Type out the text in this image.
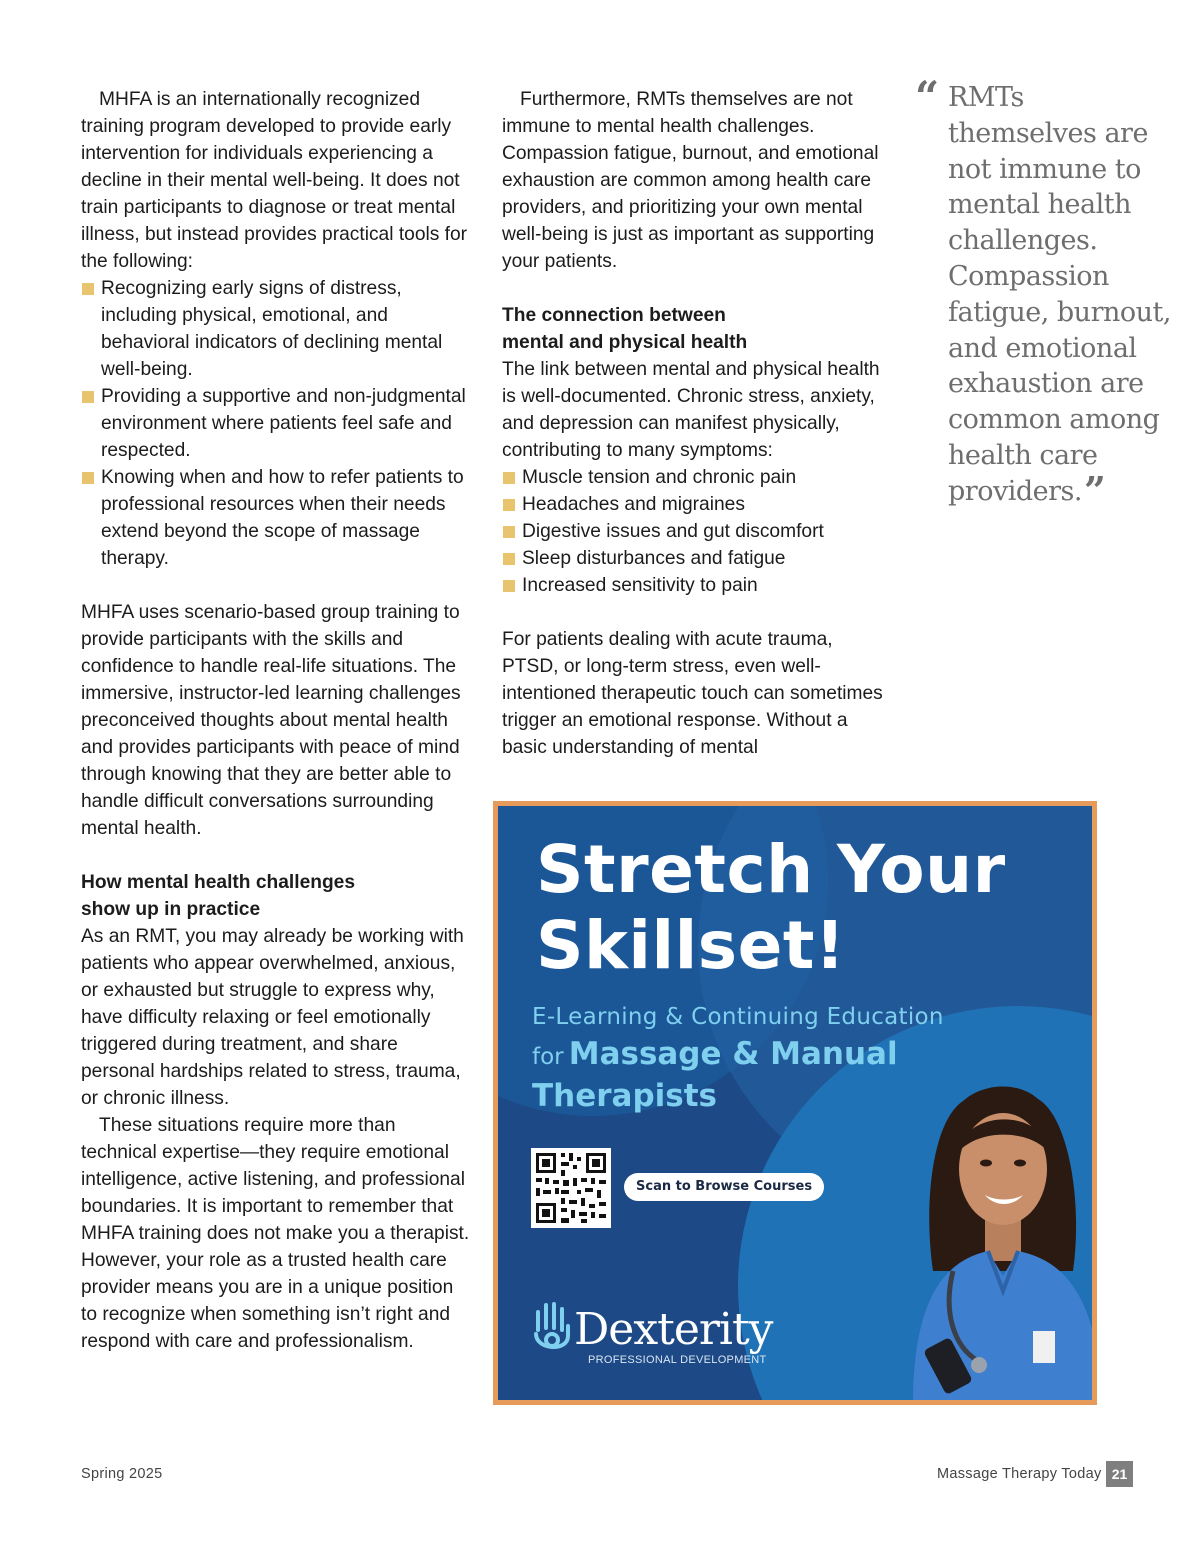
MHFA is an internationally recognized training program developed to provide early intervention for individuals experiencing a decline in their mental well-being. It does not train participants to diagnose or treat mental illness, but instead provides practical tools for the following:

Recognizing early signs of distress, including physical, emotional, and behavioral indicators of declining mental well-being.
Providing a supportive and non-judgmental environment where patients feel safe and respected.
Knowing when and how to refer patients to professional resources when their needs extend beyond the scope of massage therapy.

MHFA uses scenario-based group training to provide participants with the skills and confidence to handle real-life situations. The immersive, instructor-led learning challenges preconceived thoughts about mental health and provides participants with peace of mind through knowing that they are better able to handle difficult conversations surrounding mental health.

How mental health challenges
show up in practice

As an RMT, you may already be working with patients who appear overwhelmed, anxious, or exhausted but struggle to express why, have difficulty relaxing or feel emotionally triggered during treatment, and share personal hardships related to stress, trauma, or chronic illness.

These situations require more than technical expertise—they require emotional intelligence, active listening, and professional boundaries. It is important to remember that MHFA training does not make you a therapist. However, your role as a trusted health care provider means you are in a unique position to recognize when something isn’t right and respond with care and professionalism.

Furthermore, RMTs themselves are not immune to mental health challenges. Compassion fatigue, burnout, and emotional exhaustion are common among health care providers, and prioritizing your own mental well-being is just as important as supporting your patients.

The connection between
mental and physical health

The link between mental and physical health is well-documented. Chronic stress, anxiety, and depression can manifest physically, contributing to many symptoms:

Muscle tension and chronic pain
Headaches and migraines
Digestive issues and gut discomfort
Sleep disturbances and fatigue
Increased sensitivity to pain

For patients dealing with acute trauma, PTSD, or long-term stress, even well-intentioned therapeutic touch can sometimes trigger an emotional response. Without a basic understanding of mental

“ RMTs themselves are not immune to mental health challenges. Compassion fatigue, burnout, and emotional exhaustion are common among health care providers.”
Stretch Your
Skillset!
E-Learning & Continuing Education
for Massage & Manual
Therapists
Scan to Browse Courses
Dexterity
PROFESSIONAL DEVELOPMENT
Spring 2025	Massage Therapy Today 21
